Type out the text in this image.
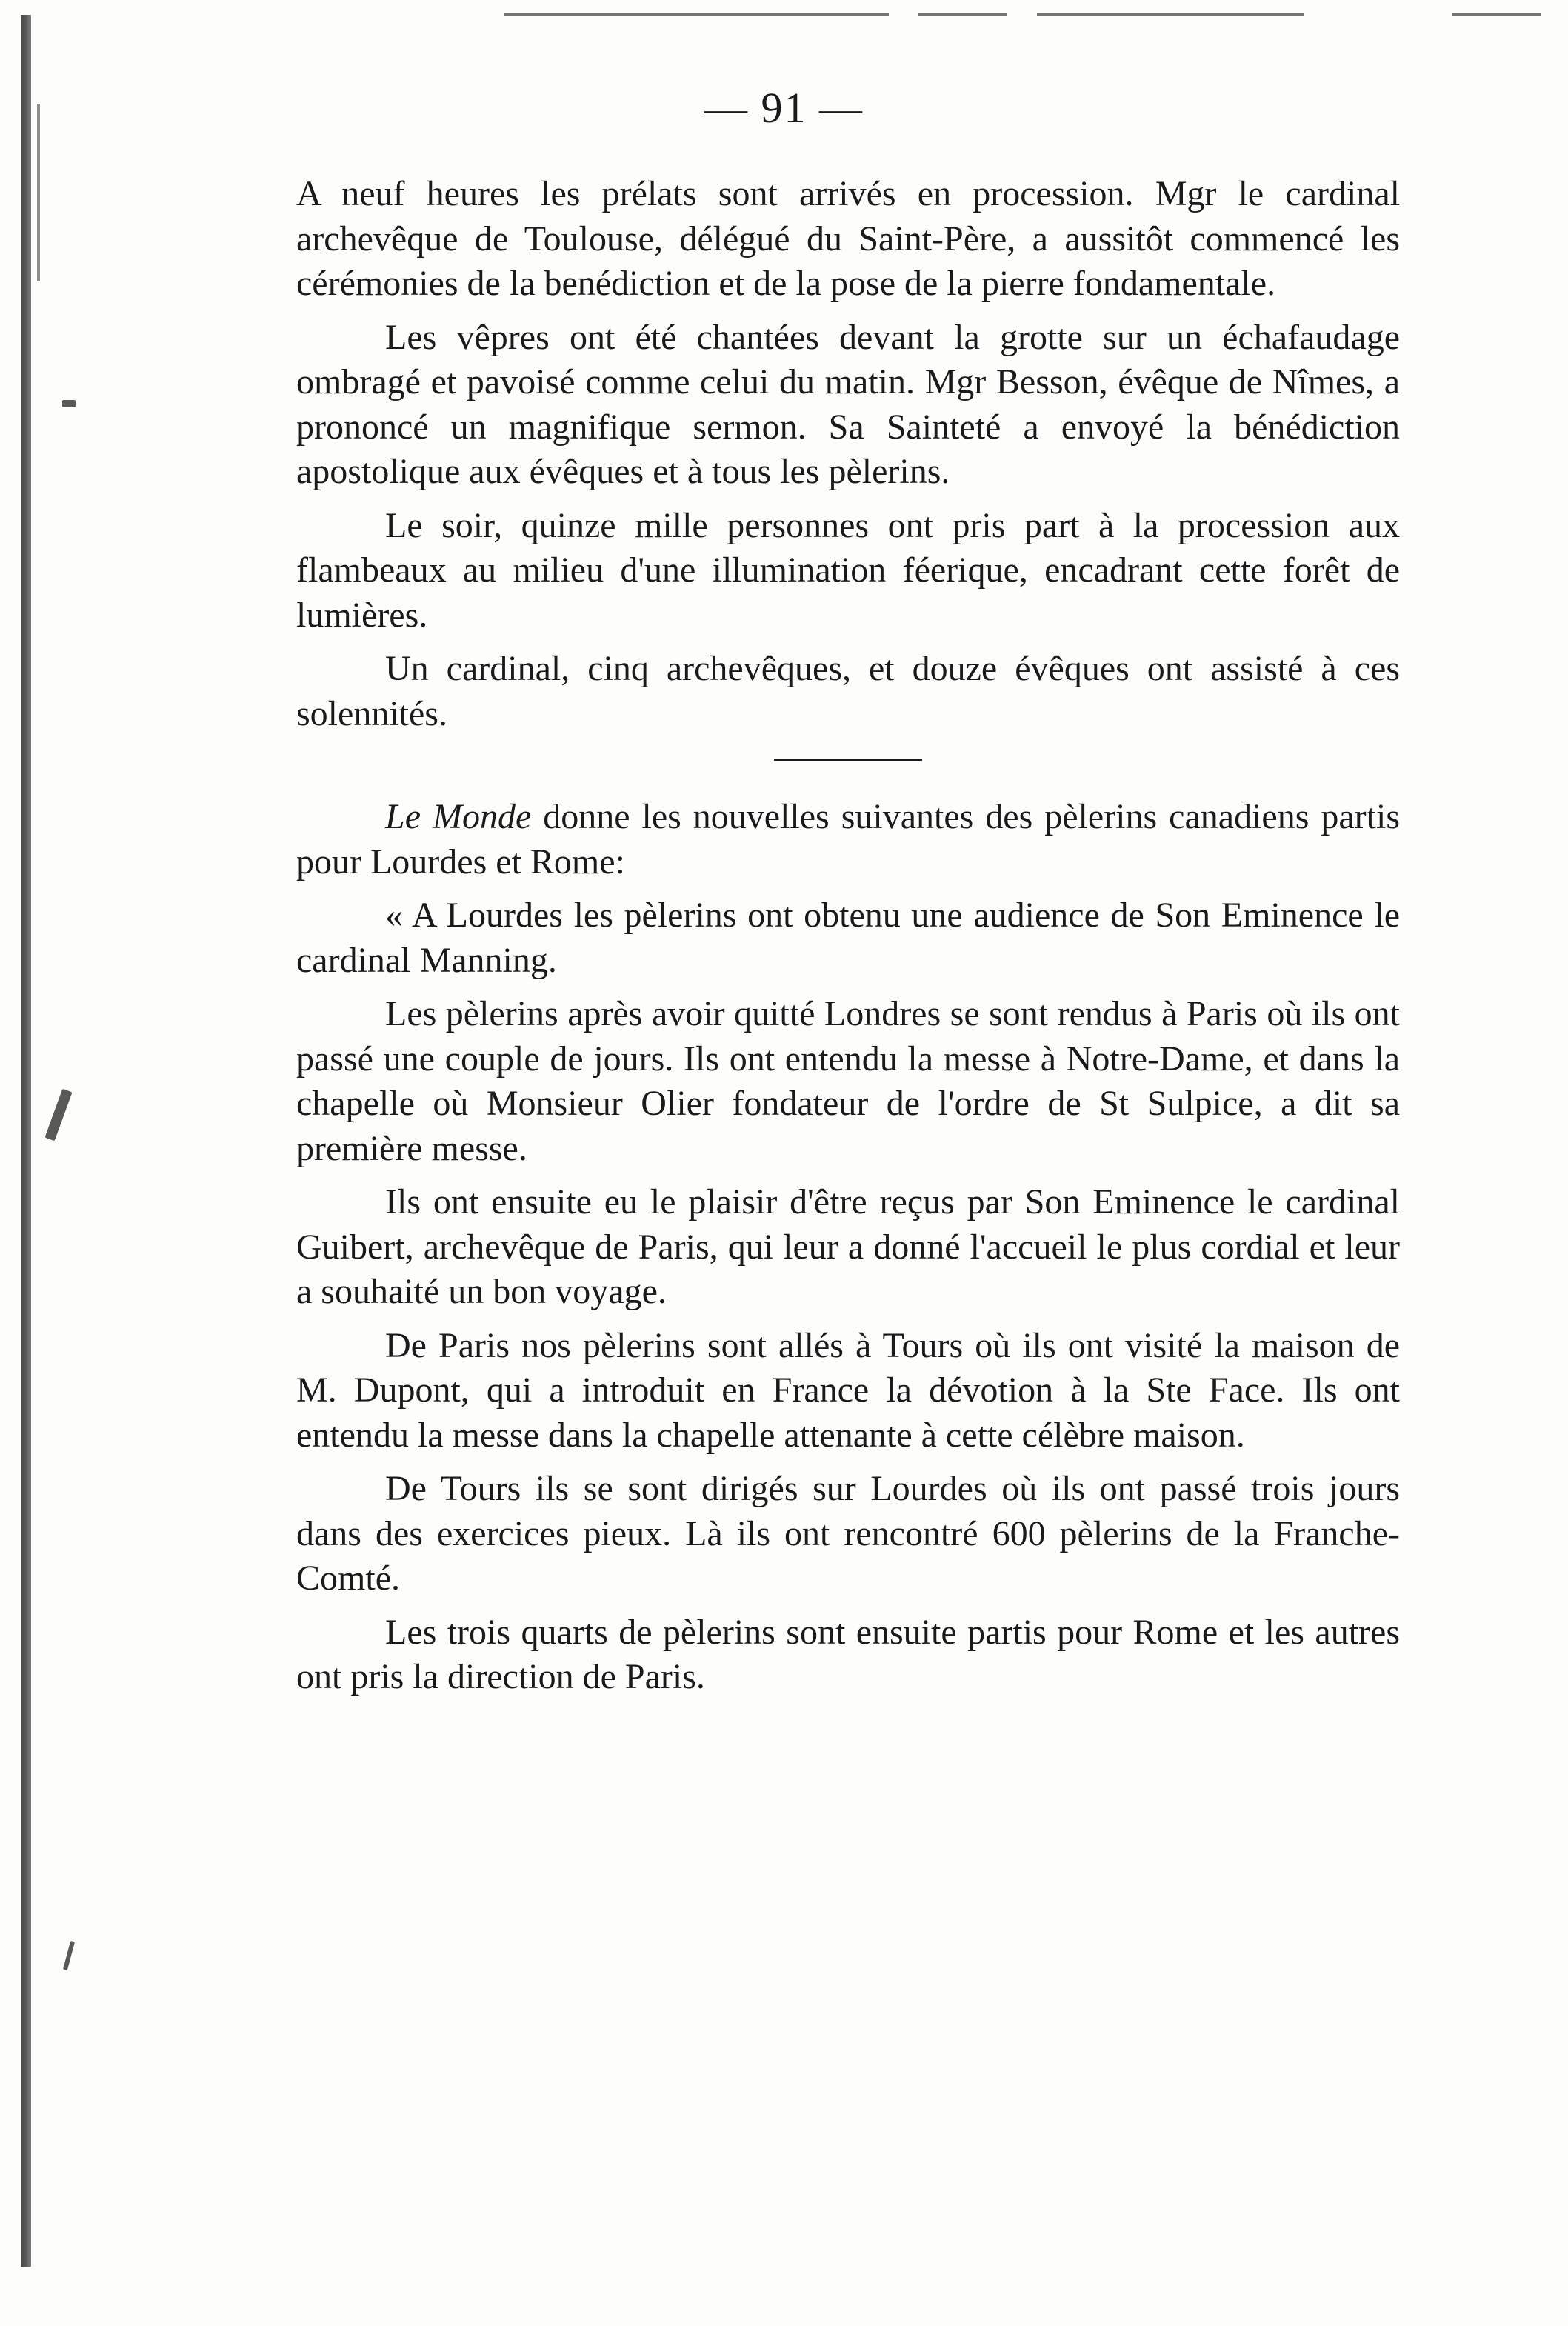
— 91 —

A neuf heures les prélats sont arrivés en procession. Mgr le cardinal archevêque de Toulouse, délégué du Saint-Père, a aussitôt commencé les cérémonies de la benédiction et de la pose de la pierre fondamentale.

Les vêpres ont été chantées devant la grotte sur un échafaudage ombragé et pavoisé comme celui du matin. Mgr Besson, évêque de Nîmes, a prononcé un magnifique sermon. Sa Sainteté a envoyé la bénédiction apostolique aux évêques et à tous les pèlerins.

Le soir, quinze mille personnes ont pris part à la procession aux flambeaux au milieu d'une illumination féerique, encadrant cette forêt de lumières.

Un cardinal, cinq archevêques, et douze évêques ont assisté à ces solennités.

Le Monde donne les nouvelles suivantes des pèlerins canadiens partis pour Lourdes et Rome:

« A Lourdes les pèlerins ont obtenu une audience de Son Eminence le cardinal Manning.

Les pèlerins après avoir quitté Londres se sont rendus à Paris où ils ont passé une couple de jours. Ils ont entendu la messe à Notre-Dame, et dans la chapelle où Monsieur Olier fondateur de l'ordre de St Sulpice, a dit sa première messe.

Ils ont ensuite eu le plaisir d'être reçus par Son Eminence le cardinal Guibert, archevêque de Paris, qui leur a donné l'accueil le plus cordial et leur a souhaité un bon voyage.

De Paris nos pèlerins sont allés à Tours où ils ont visité la maison de M. Dupont, qui a introduit en France la dévotion à la Ste Face. Ils ont entendu la messe dans la chapelle attenante à cette célèbre maison.

De Tours ils se sont dirigés sur Lourdes où ils ont passé trois jours dans des exercices pieux. Là ils ont rencontré 600 pèlerins de la Franche-Comté.

Les trois quarts de pèlerins sont ensuite partis pour Rome et les autres ont pris la direction de Paris.
